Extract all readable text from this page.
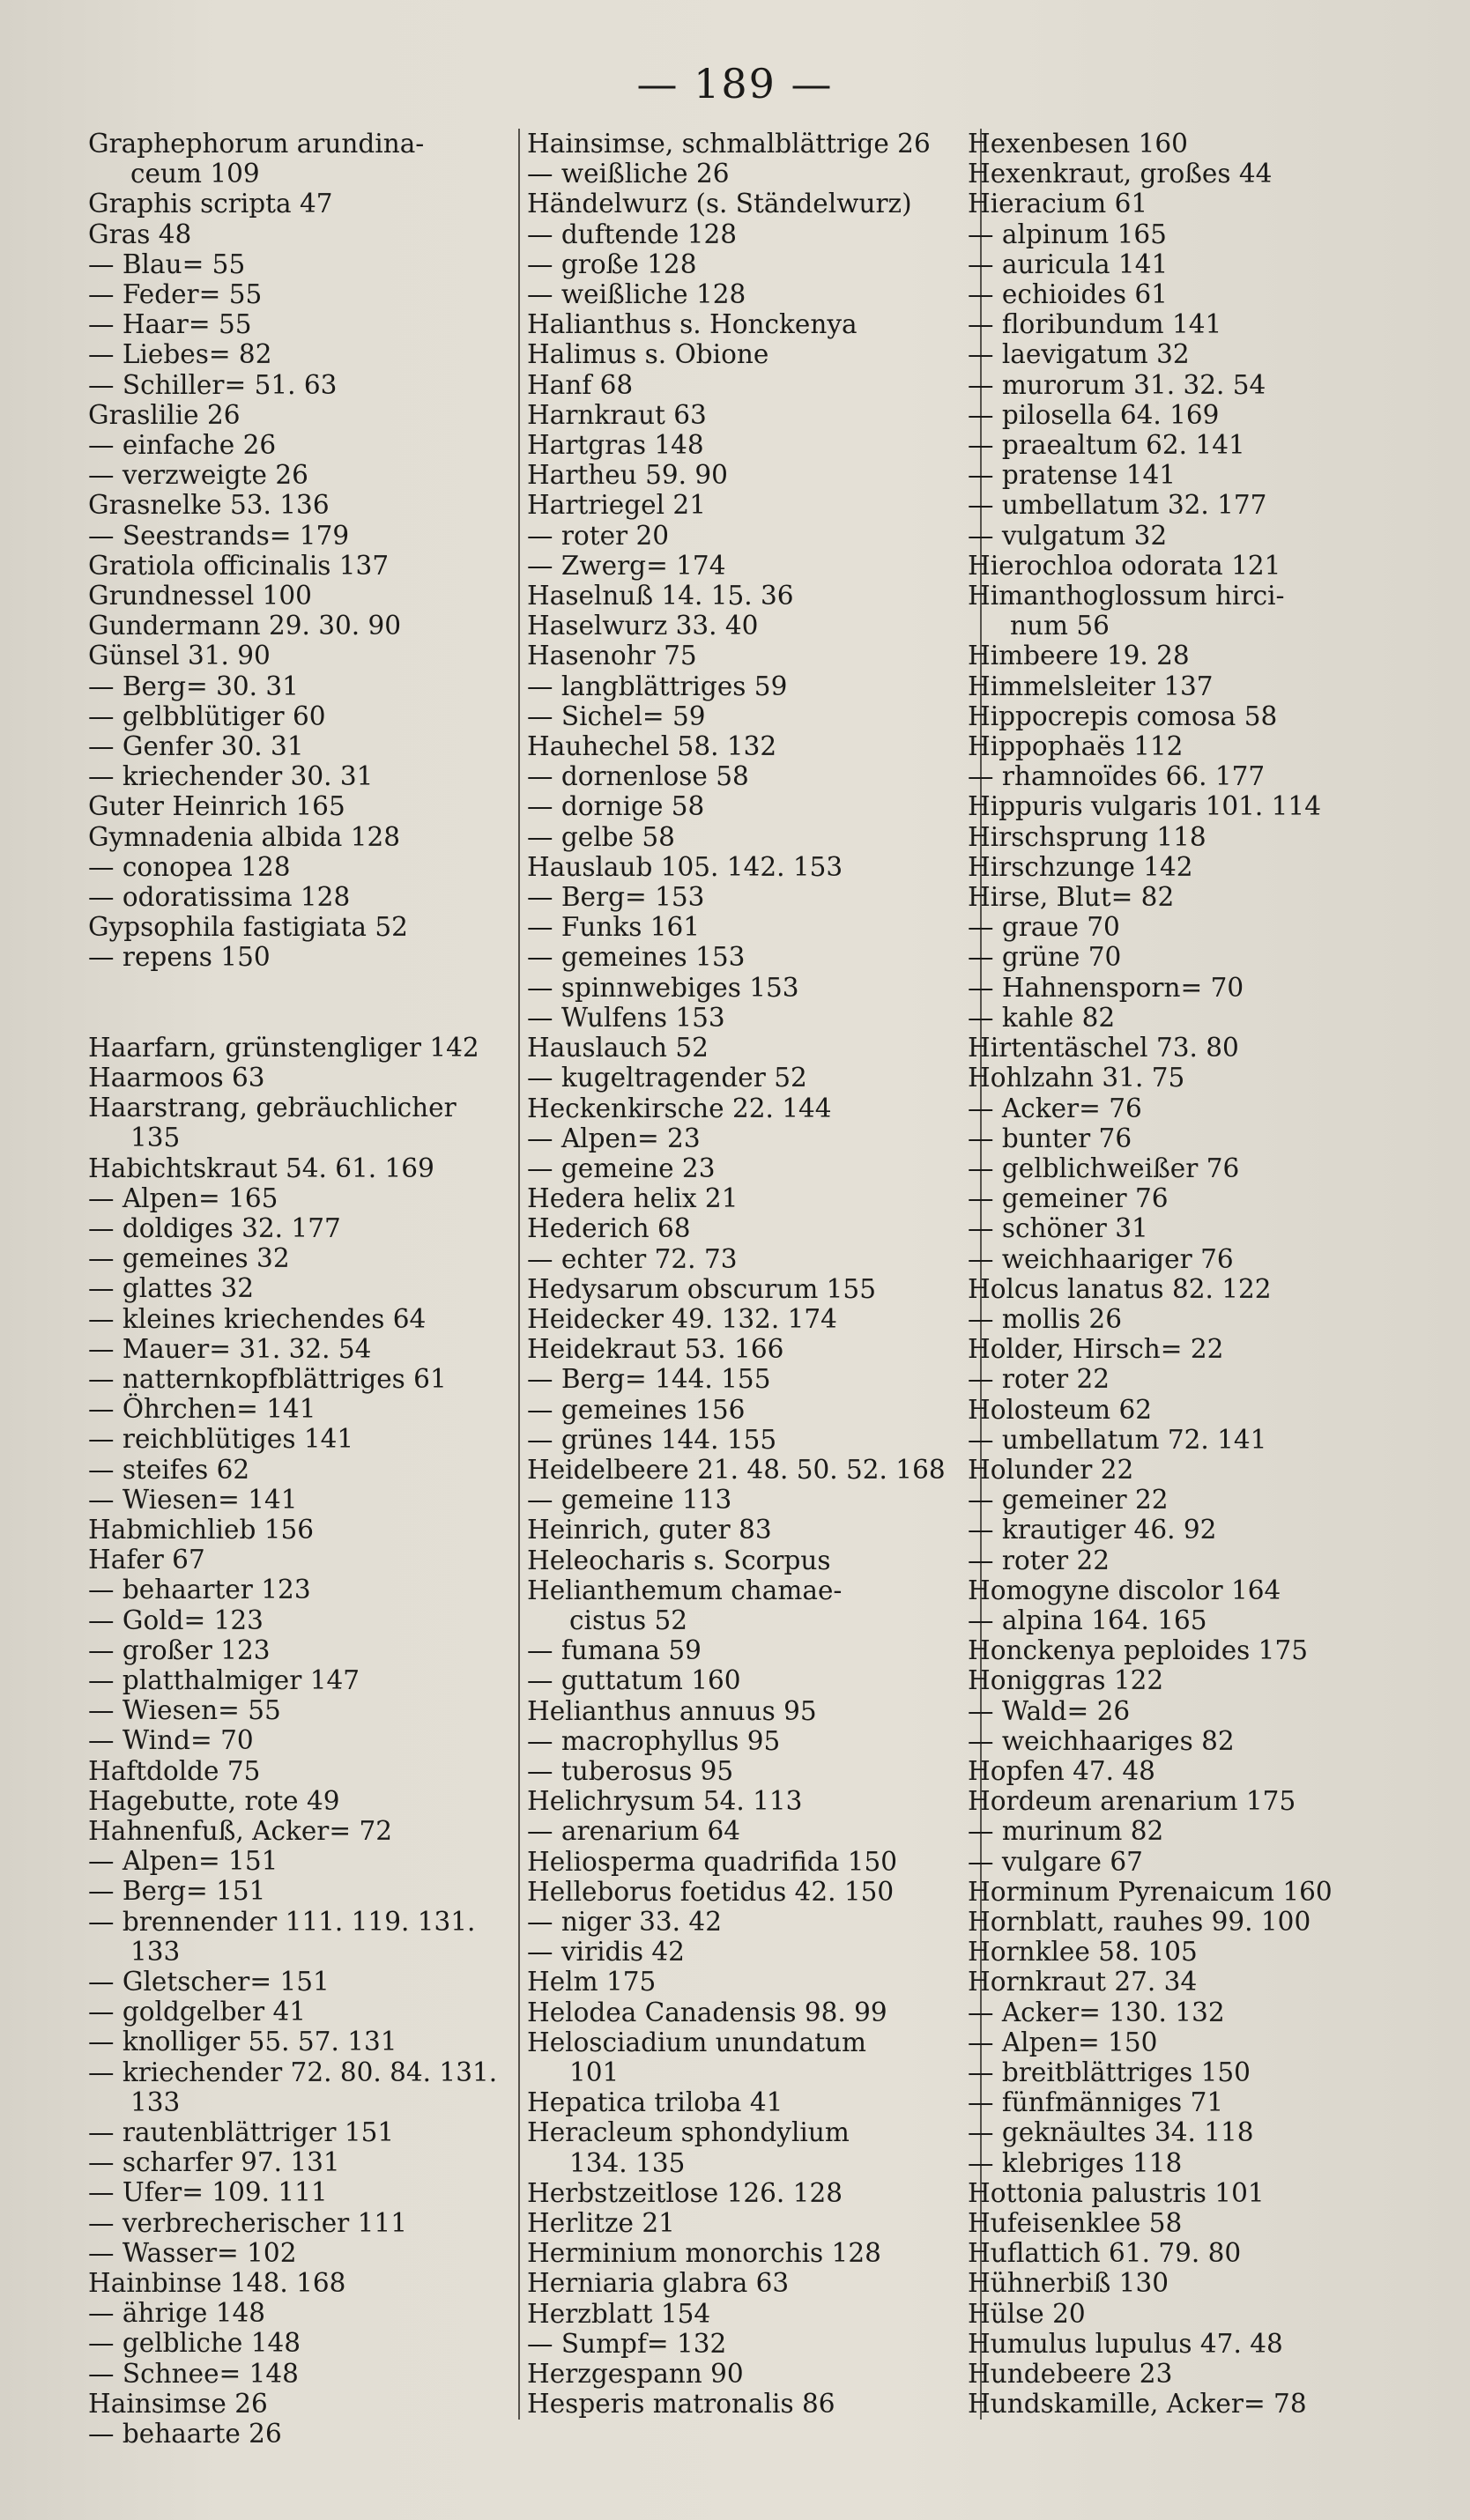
— 189 —
Graphephorum arundina-
ceum 109
Graphis scripta 47
Gras 48
— Blau= 55
— Feder= 55
— Haar= 55
— Liebes= 82
— Schiller= 51. 63
Graslilie 26
— einfache 26
— verzweigte 26
Grasnelke 53. 136
— Seestrands= 179
Gratiola officinalis 137
Grundnessel 100
Gundermann 29. 30. 90
Günsel 31. 90
— Berg= 30. 31
— gelbblütiger 60
— Genfer 30. 31
— kriechender 30. 31
Guter Heinrich 165
Gymnadenia albida 128
— conopea 128
— odoratissima 128
Gypsophila fastigiata 52
— repens 150
Haarfarn, grünstengliger 142
Haarmoos 63
Haarstrang, gebräuchlicher
135
Habichtskraut 54. 61. 169
— Alpen= 165
— doldiges 32. 177
— gemeines 32
— glattes 32
— kleines kriechendes 64
— Mauer= 31. 32. 54
— natternkopfblättriges 61
— Öhrchen= 141
— reichblütiges 141
— steifes 62
— Wiesen= 141
Habmichlieb 156
Hafer 67
— behaarter 123
— Gold= 123
— großer 123
— platthalmiger 147
— Wiesen= 55
— Wind= 70
Haftdolde 75
Hagebutte, rote 49
Hahnenfuß, Acker= 72
— Alpen= 151
— Berg= 151
— brennender 111. 119. 131.
133
— Gletscher= 151
— goldgelber 41
— knolliger 55. 57. 131
— kriechender 72. 80. 84. 131.
133
— rautenblättriger 151
— scharfer 97. 131
— Ufer= 109. 111
— verbrecherischer 111
— Wasser= 102
Hainbinse 148. 168
— ährige 148
— gelbliche 148
— Schnee= 148
Hainsimse 26
— behaarte 26
Hainsimse, schmalblättrige 26
— weißliche 26
Händelwurz (s. Ständelwurz)
— duftende 128
— große 128
— weißliche 128
Halianthus s. Honckenya
Halimus s. Obione
Hanf 68
Harnkraut 63
Hartgras 148
Hartheu 59. 90
Hartriegel 21
— roter 20
— Zwerg= 174
Haselnuß 14. 15. 36
Haselwurz 33. 40
Hasenohr 75
— langblättriges 59
— Sichel= 59
Hauhechel 58. 132
— dornenlose 58
— dornige 58
— gelbe 58
Hauslaub 105. 142. 153
— Berg= 153
— Funks 161
— gemeines 153
— spinnwebiges 153
— Wulfens 153
Hauslauch 52
— kugeltragender 52
Heckenkirsche 22. 144
— Alpen= 23
— gemeine 23
Hedera helix 21
Hederich 68
— echter 72. 73
Hedysarum obscurum 155
Heidecker 49. 132. 174
Heidekraut 53. 166
— Berg= 144. 155
— gemeines 156
— grünes 144. 155
Heidelbeere 21. 48. 50. 52. 168
— gemeine 113
Heinrich, guter 83
Heleocharis s. Scorpus
Helianthemum chamae-
cistus 52
— fumana 59
— guttatum 160
Helianthus annuus 95
— macrophyllus 95
— tuberosus 95
Helichrysum 54. 113
— arenarium 64
Heliosperma quadrifida 150
Helleborus foetidus 42. 150
— niger 33. 42
— viridis 42
Helm 175
Helodea Canadensis 98. 99
Helosciadium unundatum
101
Hepatica triloba 41
Heracleum sphondylium
134. 135
Herbstzeitlose 126. 128
Herlitze 21
Herminium monorchis 128
Herniaria glabra 63
Herzblatt 154
— Sumpf= 132
Herzgespann 90
Hesperis matronalis 86
Hexenbesen 160
Hexenkraut, großes 44
Hieracium 61
— alpinum 165
— auricula 141
— echioides 61
— floribundum 141
— laevigatum 32
— murorum 31. 32. 54
— pilosella 64. 169
— praealtum 62. 141
— pratense 141
— umbellatum 32. 177
— vulgatum 32
Hierochloa odorata 121
Himanthoglossum hirci-
num 56
Himbeere 19. 28
Himmelsleiter 137
Hippocrepis comosa 58
Hippophaës 112
— rhamnoïdes 66. 177
Hippuris vulgaris 101. 114
Hirschsprung 118
Hirschzunge 142
Hirse, Blut= 82
— graue 70
— grüne 70
— Hahnensporn= 70
— kahle 82
Hirtentäschel 73. 80
Hohlzahn 31. 75
— Acker= 76
— bunter 76
— gelblichweißer 76
— gemeiner 76
— schöner 31
— weichhaariger 76
Holcus lanatus 82. 122
— mollis 26
Holder, Hirsch= 22
— roter 22
Holosteum 62
— umbellatum 72. 141
Holunder 22
— gemeiner 22
— krautiger 46. 92
— roter 22
Homogyne discolor 164
— alpina 164. 165
Honckenya peploides 175
Honiggras 122
— Wald= 26
— weichhaariges 82
Hopfen 47. 48
Hordeum arenarium 175
— murinum 82
— vulgare 67
Horminum Pyrenaicum 160
Hornblatt, rauhes 99. 100
Hornklee 58. 105
Hornkraut 27. 34
— Acker= 130. 132
— Alpen= 150
— breitblättriges 150
— fünfmänniges 71
— geknäultes 34. 118
— klebriges 118
Hottonia palustris 101
Hufeisenklee 58
Huflattich 61. 79. 80
Hühnerbiß 130
Hülse 20
Humulus lupulus 47. 48
Hundebeere 23
Hundskamille, Acker= 78
